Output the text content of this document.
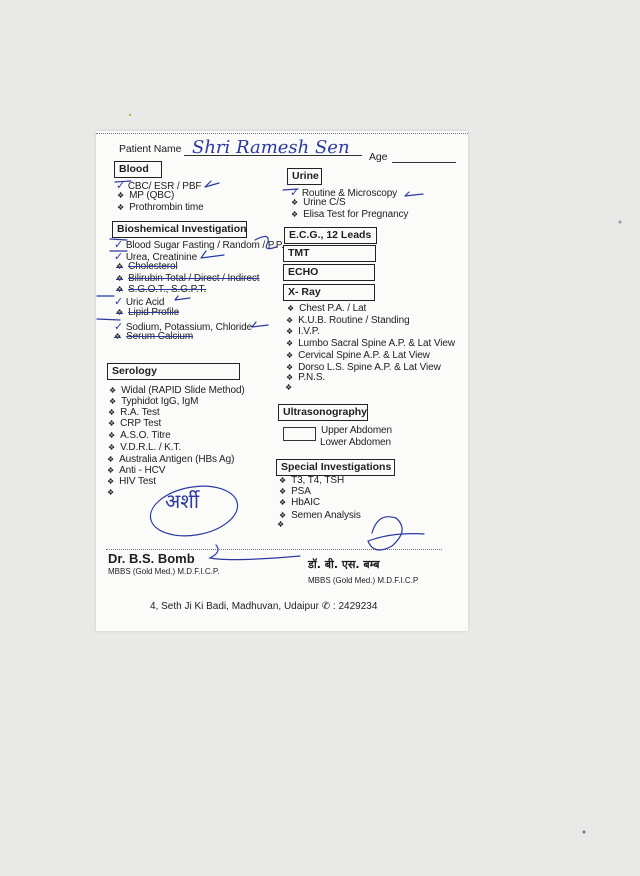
Patient Name Shri Ramesh Sen Age
Blood
✓ CBC/ ESR / PBF
❖ MP (QBC)
❖ Prothrombin time
Bioshemical Investigation
✓ Blood Sugar Fasting / Random / P.P.
✓ Urea, Creatinine
❖ Cholesterol
❖ Bilirubin Total / Direct / Indirect
❖ S.G.O.T., S.G.P.T.
✓ Uric Acid
❖ Lipid Profile
✓ Sodium, Potassium, Chloride
❖ Serum Calcium
Serology
❖ Widal (RAPID Slide Method)
❖ Typhidot IgG, IgM
❖ R.A. Test
❖ CRP Test
❖ A.S.O. Titre
❖ V.D.R.L. / K.T.
❖ Australia Antigen (HBs Ag)
❖ Anti - HCV
❖ HIV Test
❖
Urine
✓ Routine & Microscopy
❖ Urine C/S
❖ Elisa Test for Pregnancy
E.C.G., 12 Leads
TMT
ECHO
X- Ray
❖ Chest P.A. / Lat
❖ K.U.B. Routine / Standing
❖ I.V.P.
❖ Lumbo Sacral Spine A.P. & Lat View
❖ Cervical Spine A.P. & Lat View
❖ Dorso L.S. Spine A.P. & Lat View
❖ P.N.S.
❖
Ultrasonography
Upper Abdomen
Lower Abdomen
Special Investigations
❖ T3, T4, TSH
❖ PSA
❖ HbAIC
❖ Semen Analysis
❖
अर्शी
Dr. B.S. Bomb
MBBS (Gold Med.) M.D.F.I.C.P.
डॉ. बी. एस. बम्ब
MBBS (Gold Med.) M.D.F.I.C.P
4, Seth Ji Ki Badi, Madhuvan, Udaipur ✆ : 2429234
